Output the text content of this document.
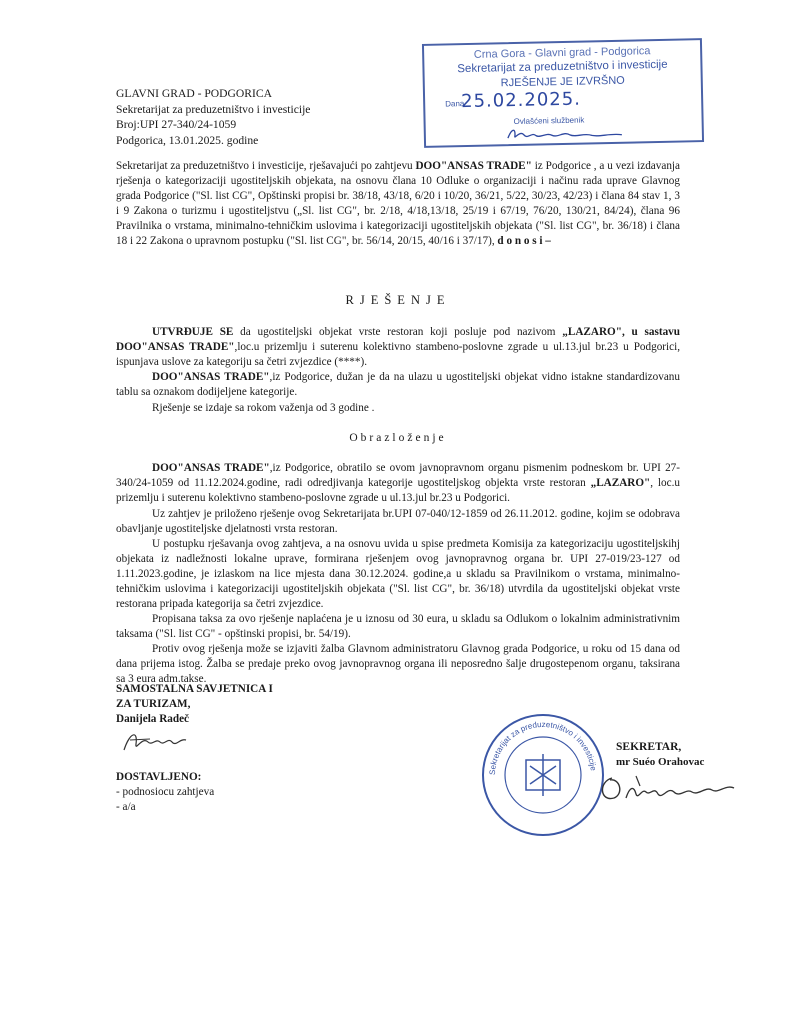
GLAVNI GRAD - PODGORICA
Sekretarijat za preduzetništvo i investicije
Broj:UPI 27-340/24-1059
Podgorica, 13.01.2025. godine
Crna Gora - Glavni grad - Podgorica
Sekretarijat za preduzetništvo i investicije
RJEŠENJE JE IZVRŠNO
Dana
25.02.2025.
Ovlašćeni službenik
Sekretarijat za preduzetništvo i investicije, rješavajući po zahtjevu DOO"ANSAS TRADE" iz Podgorice , a u vezi izdavanja rješenja o kategorizaciji ugostiteljskih objekata, na osnovu člana 10 Odluke o organizaciji i načinu rada uprave Glavnog grada Podgorice ("Sl. list CG", Opštinski propisi br. 38/18, 43/18, 6/20 i 10/20, 36/21, 5/22, 30/23, 42/23) i člana 84 stav 1, 3 i 9 Zakona o turizmu i ugostiteljstvu („Sl. list CG", br. 2/18, 4/18,13/18, 25/19 i 67/19, 76/20, 130/21, 84/24), člana 96 Pravilnika o vrstama, minimalno-tehničkim uslovima i kategorizaciji ugostiteljskih objekata ("Sl. list CG", br. 36/18) i člana 18 i 22 Zakona o upravnom postupku ("Sl. list CG", br. 56/14, 20/15, 40/16 i 37/17), d o n o s i –
RJEŠENJE
UTVRĐUJE SE da ugostiteljski objekat vrste restoran koji posluje pod nazivom „LAZARO", u sastavu DOO"ANSAS TRADE",loc.u prizemlju i suterenu kolektivno stambeno-poslovne zgrade u ul.13.jul br.23 u Podgorici, ispunjava uslove za kategoriju sa četri zvjezdice (****).
DOO"ANSAS TRADE",iz Podgorice, dužan je da na ulazu u ugostiteljski objekat vidno istakne standardizovanu tablu sa oznakom dodijeljene kategorije.
Rješenje se izdaje sa rokom važenja od 3 godine .
Obrazloženje
DOO"ANSAS TRADE",iz Podgorice, obratilo se ovom javnopravnom organu pismenim podneskom br. UPI 27-340/24-1059 od 11.12.2024.godine, radi odredjivanja kategorije ugostiteljskog objekta vrste restoran „LAZARO", loc.u prizemlju i suterenu kolektivno stambeno-poslovne zgrade u ul.13.jul br.23 u Podgorici.
Uz zahtjev je priloženo rješenje ovog Sekretarijata br.UPI 07-040/12-1859 od 26.11.2012. godine, kojim se odobrava obavljanje ugostiteljske djelatnosti vrsta restoran.
U postupku rješavanja ovog zahtjeva, a na osnovu uvida u spise predmeta Komisija za kategorizaciju ugostiteljskihj objekata iz nadležnosti lokalne uprave, formirana rješenjem ovog javnopravnog organa br. UPI 27-019/23-127 od 1.11.2023.godine, je izlaskom na lice mjesta dana 30.12.2024. godine,a u skladu sa Pravilnikom o vrstama, minimalno-tehničkim uslovima i kategorizaciji ugostiteljskih objekata ("Sl. list CG", br. 36/18) utvrdila da ugostiteljski objekat vrste restorana pripada kategorija sa četri zvjezdice.
Propisana taksa za ovo rješenje naplaćena je u iznosu od 30 eura, u skladu sa Odlukom o lokalnim administrativnim taksama ("Sl. list CG" - opštinski propisi, br. 54/19).
Protiv ovog rješenja može se izjaviti žalba Glavnom administratoru Glavnog grada Podgorice, u roku od 15 dana od dana prijema istog. Žalba se predaje preko ovog javnopravnog organa ili neposredno šalje drugostepenom organu, taksirana sa 3 eura adm.takse.
SAMOSTALNA SAVJETNICA I
ZA TURIZAM,
Danijela Radeč
DOSTAVLJENO:
- podnosiocu zahtjeva
- a/a
Sekretarijat za preduzetništvo i investicije
SEKRETAR,
mr Suéo Orahovac
